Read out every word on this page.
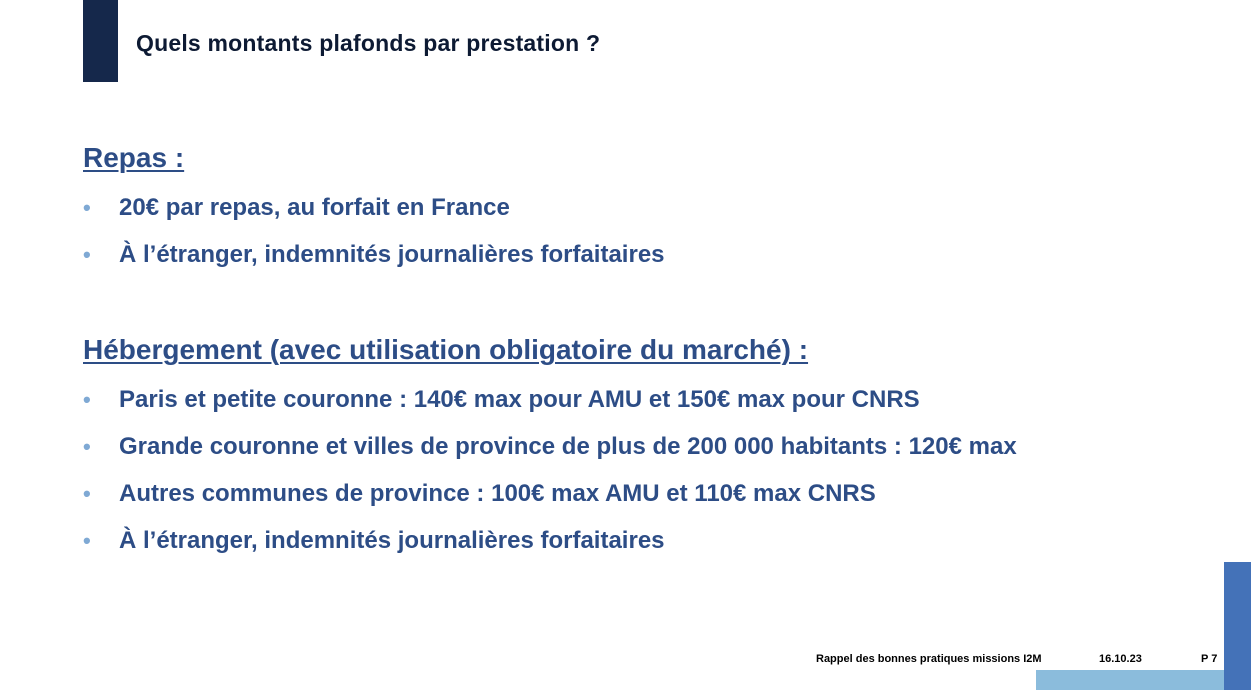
Quels montants plafonds par prestation ?
Repas :
• 20€ par repas, au forfait en France
• À l’étranger, indemnités journalières forfaitaires
Hébergement (avec utilisation obligatoire du marché) :
• Paris et petite couronne : 140€ max pour AMU et 150€ max pour CNRS
• Grande couronne et villes de province de plus de 200 000 habitants : 120€ max
• Autres communes de province : 100€ max AMU et 110€ max CNRS
• À l’étranger, indemnités journalières forfaitaires
Rappel des bonnes pratiques missions I2M	16.10.23	P 7
